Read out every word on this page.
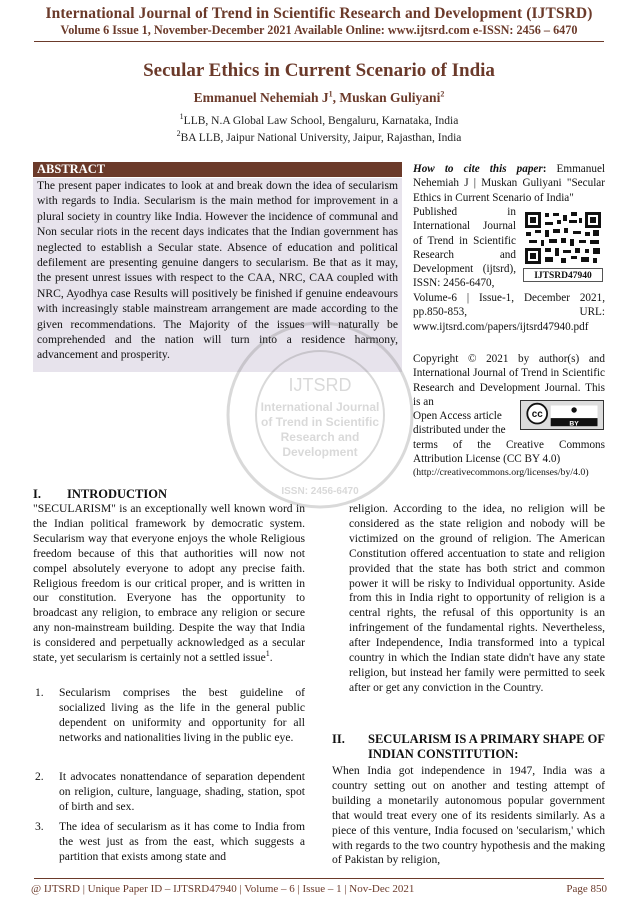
International Journal of Trend in Scientific Research and Development (IJTSRD)
Volume 6 Issue 1, November-December 2021 Available Online: www.ijtsrd.com e-ISSN: 2456 – 6470
Secular Ethics in Current Scenario of India
Emmanuel Nehemiah $J^1$, Muskan Guliyani$^2$
$^1$LLB, N.A Global Law School, Bengaluru, Karnataka, India
$^2$BA LLB, Jaipur National University, Jaipur, Rajasthan, India
ABSTRACT
The present paper indicates to look at and break down the idea of secularism with regards to India. Secularism is the main method for improvement in a plural society in country like India. However the incidence of communal and Non secular riots in the recent days indicates that the Indian government has neglected to establish a Secular state. Absence of education and political defilement are presenting genuine dangers to secularism. Be that as it may, the present unrest issues with respect to the CAA, NRC, CAA coupled with NRC, Ayodhya case Results will positively be finished if genuine endeavours with increasingly stable mainstream arrangement are made according to the given recommendations. The Majority of the issues will naturally be comprehended and the nation will turn into a residence harmony, advancement and prosperity.
How to cite this paper: Emmanuel Nehemiah J | Muskan Guliyani "Secular Ethics in Current Scenario of India"
Published in International Journal of Trend in Scientific Research and Development (ijtsrd), ISSN: 2456-6470,
IJTSRD47940
Volume-6 | Issue-1, December 2021, pp.850-853, URL: www.ijtsrd.com/papers/ijtsrd47940.pdf
Copyright © 2021 by author(s) and International Journal of Trend in Scientific Research and Development Journal. This is an
Open Access article distributed under the
cc
BY
terms of the Creative Commons Attribution License (CC BY 4.0)
(http://creativecommons.org/licenses/by/4.0)
IJTSRD
International Journal
of Trend in Scientific
Research and
Development
ISSN: 2456-6470
I. INTRODUCTION
"SECULARISM" is an exceptionally well known word in the Indian political framework by democratic system. Secularism way that everyone enjoys the whole Religious freedom because of this that authorities will now not compel absolutely everyone to adopt any precise faith. Religious freedom is our critical proper, and is written in our constitution. Everyone has the opportunity to broadcast any religion, to embrace any religion or secure any non-mainstream building. Despite the way that India is considered and perpetually acknowledged as a secular state, yet secularism is certainly not a settled issue$^1$.
1. Secularism comprises the best guideline of socialized living as the life in the general public dependent on uniformity and opportunity for all networks and nationalities living in the public eye.
2. It advocates nonattendance of separation dependent on religion, culture, language, shading, station, spot of birth and sex.
3. The idea of secularism as it has come to India from the west just as from the east, which suggests a partition that exists among state and
religion. According to the idea, no religion will be considered as the state religion and nobody will be victimized on the ground of religion. The American Constitution offered accentuation to state and religion provided that the state has both strict and common power it will be risky to Individual opportunity. Aside from this in India right to opportunity of religion is a central rights, the refusal of this opportunity is an infringement of the fundamental rights. Nevertheless, after Independence, India transformed into a typical country in which the Indian state didn't have any state religion, but instead her family were permitted to seek after or get any conviction in the Country.
II. SECULARISM IS A PRIMARY SHAPE OF INDIAN CONSTITUTION:
When India got independence in 1947, India was a country setting out on another and testing attempt of building a monetarily autonomous popular government that would treat every one of its residents similarly. As a piece of this venture, India focused on 'secularism,' which with regards to the two country hypothesis and the making of Pakistan by religion,
@ IJTSRD | Unique Paper ID – IJTSRD47940 | Volume – 6 | Issue – 1 | Nov-Dec 2021	Page 850
